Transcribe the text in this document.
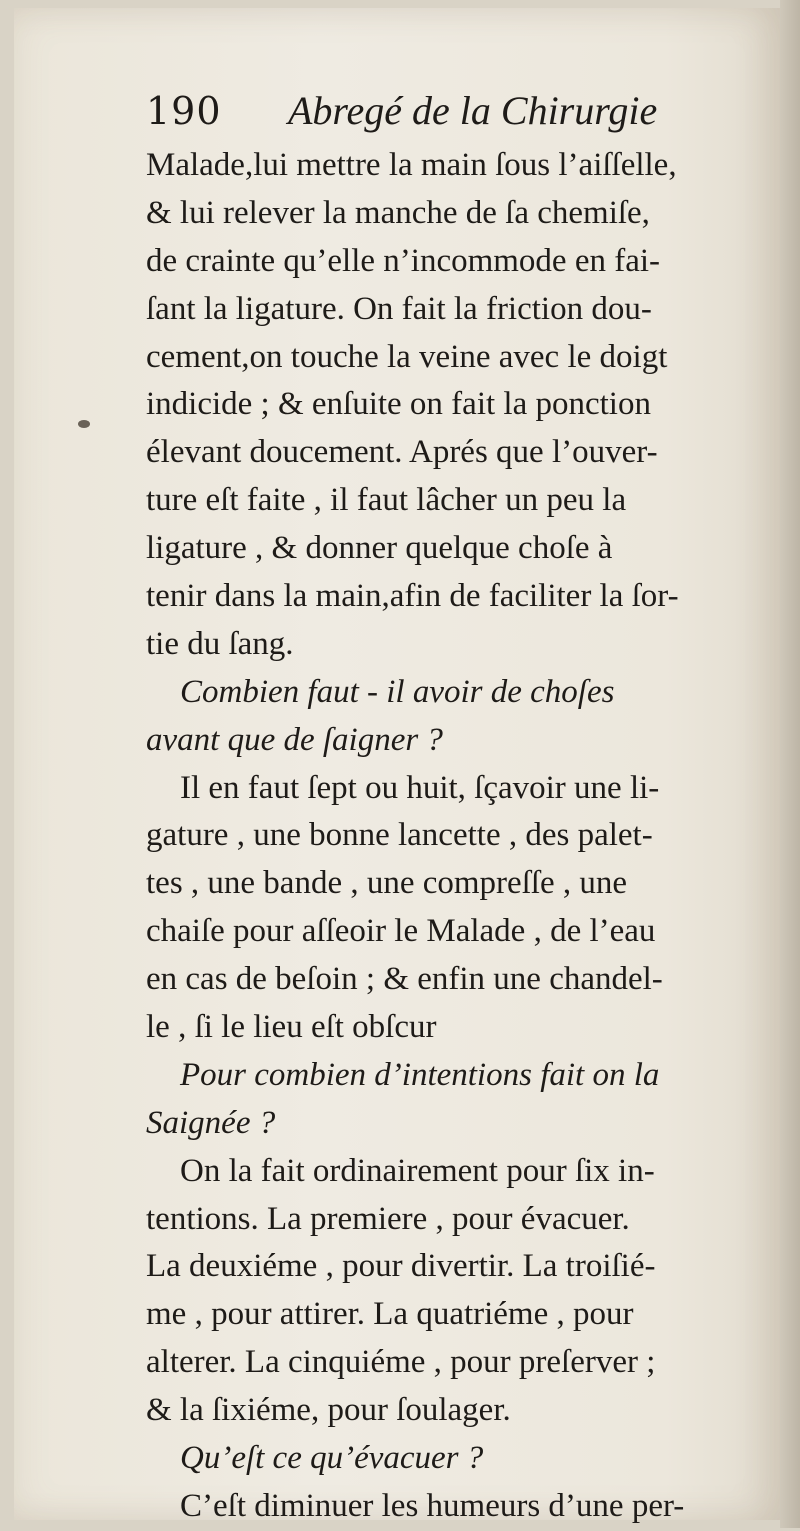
190 Abregé de la Chirurgie
Malade,lui mettre la main ſous l’aiſſelle,
& lui relever la manche de ſa chemiſe,
de crainte qu’elle n’incommode en fai-
ſant la ligature. On fait la friction dou-
cement,on touche la veine avec le doigt
indicide ; & enſuite on fait la ponction
élevant doucement. Aprés que l’ouver-
ture eſt faite , il faut lâcher un peu la
ligature , & donner quelque choſe à
tenir dans la main,afin de faciliter la ſor-
tie du ſang.
Combien faut - il avoir de choſes
avant que de ſaigner ?
Il en faut ſept ou huit, ſçavoir une li-
gature , une bonne lancette , des palet-
tes , une bande , une compreſſe , une
chaiſe pour aſſeoir le Malade , de l’eau
en cas de beſoin ; & enfin une chandel-
le , ſi le lieu eſt obſcur
Pour combien d’intentions fait on la
Saignée ?
On la fait ordinairement pour ſix in-
tentions. La premiere , pour évacuer.
La deuxiéme , pour divertir. La troiſié-
me , pour attirer. La quatriéme , pour
alterer. La cinquiéme , pour preſerver ;
& la ſixiéme, pour ſoulager.
Qu’eſt ce qu’évacuer ?
C’eſt diminuer les humeurs d’une per-
